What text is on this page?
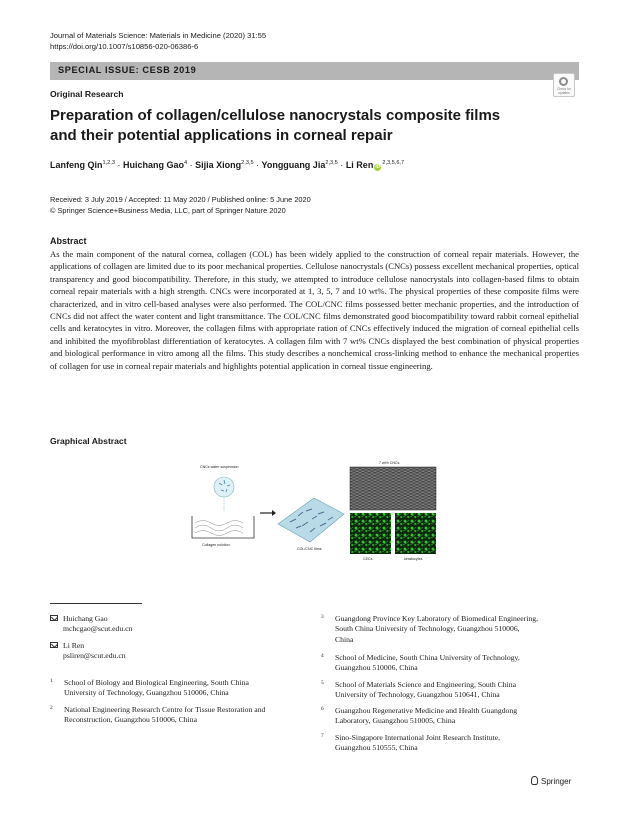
Journal of Materials Science: Materials in Medicine (2020) 31:55
https://doi.org/10.1007/s10856-020-06386-6
SPECIAL ISSUE: CESB 2019
Check for updates
Original Research
Preparation of collagen/cellulose nanocrystals composite films
and their potential applications in corneal repair
Lanfeng Qin$^{1,2,3}$ · Huichang Gao$^4$ · Sijia Xiong$^{2,3,5}$ · Yongguang Jia$^{2,3,5}$ · Li Ren iD$^{2,3,5,6,7}$
Received: 3 July 2019 / Accepted: 11 May 2020 / Published online: 5 June 2020
© Springer Science+Business Media, LLC, part of Springer Nature 2020
Abstract
As the main component of the natural cornea, collagen (COL) has been widely applied to the construction of corneal repair materials. However, the applications of collagen are limited due to its poor mechanical properties. Cellulose nanocrystals (CNCs) possess excellent mechanical properties, optical transparency and good biocompatibility. Therefore, in this study, we attempted to introduce cellulose nanocrystals into collagen-based films to obtain corneal repair materials with a high strength. CNCs were incorporated at 1, 3, 5, 7 and 10 wt%. The physical properties of these composite films were characterized, and in vitro cell-based analyses were also performed. The COL/CNC films possessed better mechanic properties, and the introduction of CNCs did not affect the water content and light transmittance. The COL/CNC films demonstrated good biocompatibility toward rabbit corneal epithelial cells and keratocytes in vitro. Moreover, the collagen films with appropriate ration of CNCs effectively induced the migration of corneal epithelial cells and inhibited the myofibroblast differentiation of keratocytes. A collagen film with 7 wt% CNCs displayed the best combination of physical properties and biological performance in vitro among all the films. This study describes a nonchemical cross-linking method to enhance the mechanical properties of collagen for use in corneal repair materials and highlights potential application in corneal tissue engineering.
Graphical Abstract
CNCs water suspension
Collagen solution
COL/CNC films
7 wt% CNCs
CECs	keratocytes
Huichang Gao
mchcgao@scut.edu.cn
Li Ren
psliren@scut.edu.cn
1 School of Biology and Biological Engineering, South China
University of Technology, Guangzhou 510006, China
2 National Engineering Research Centre for Tissue Restoration and
Reconstruction, Guangzhou 510006, China
3 Guangdong Province Key Laboratory of Biomedical Engineering,
South China University of Technology, Guangzhou 510006,
China
4 School of Medicine, South China University of Technology,
Guangzhou 510006, China
5 School of Materials Science and Engineering, South China
University of Technology, Guangzhou 510641, China
6 Guangzhou Regenerative Medicine and Health Guangdong
Laboratory, Guangzhou 510005, China
7 Sino-Singapore International Joint Research Institute,
Guangzhou 510555, China
Springer
